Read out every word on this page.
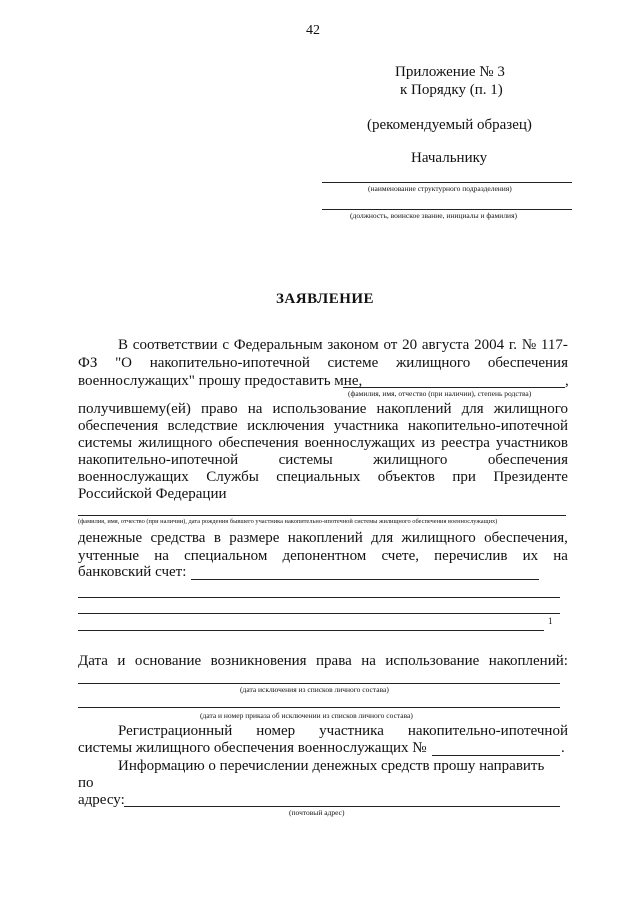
42
Приложение № 3
к Порядку (п. 1)
(рекомендуемый образец)
Начальнику
(наименование структурного подразделения)
(должность, воинское звание, инициалы и фамилия)
ЗАЯВЛЕНИЕ
В соответствии с Федеральным законом от 20 августа 2004 г. № 117-
ФЗ "О накопительно-ипотечной системе жилищного обеспечения
военнослужащих" прошу предоставить мне,	,
(фамилия, имя, отчество (при наличии), степень родства)
получившему(ей) право на использование накоплений для жилищного
обеспечения вследствие исключения участника накопительно-ипотечной
системы жилищного обеспечения военнослужащих из реестра участников
накопительно-ипотечной	системы	жилищного	обеспечения
военнослужащих Службы специальных объектов при Президенте
Российской Федерации
(фамилия, имя, отчество (при наличии), дата рождения бывшего участника накопительно-ипотечной системы жилищного обеспечения военнослужащих)
денежные средства в размере накоплений для жилищного обеспечения,
учтенные на специальном депонентном счете, перечислив их на
банковский счет:
1
Дата и основание возникновения права на использование накоплений:
(дата исключения из списков личного состава)
(дата и номер приказа об исключении из списков личного состава)
Регистрационный номер участника накопительно-ипотечной
системы жилищного обеспечения военнослужащих №	.
Информацию о перечислении денежных средств прошу направить
по
адресу:
(почтовый адрес)
